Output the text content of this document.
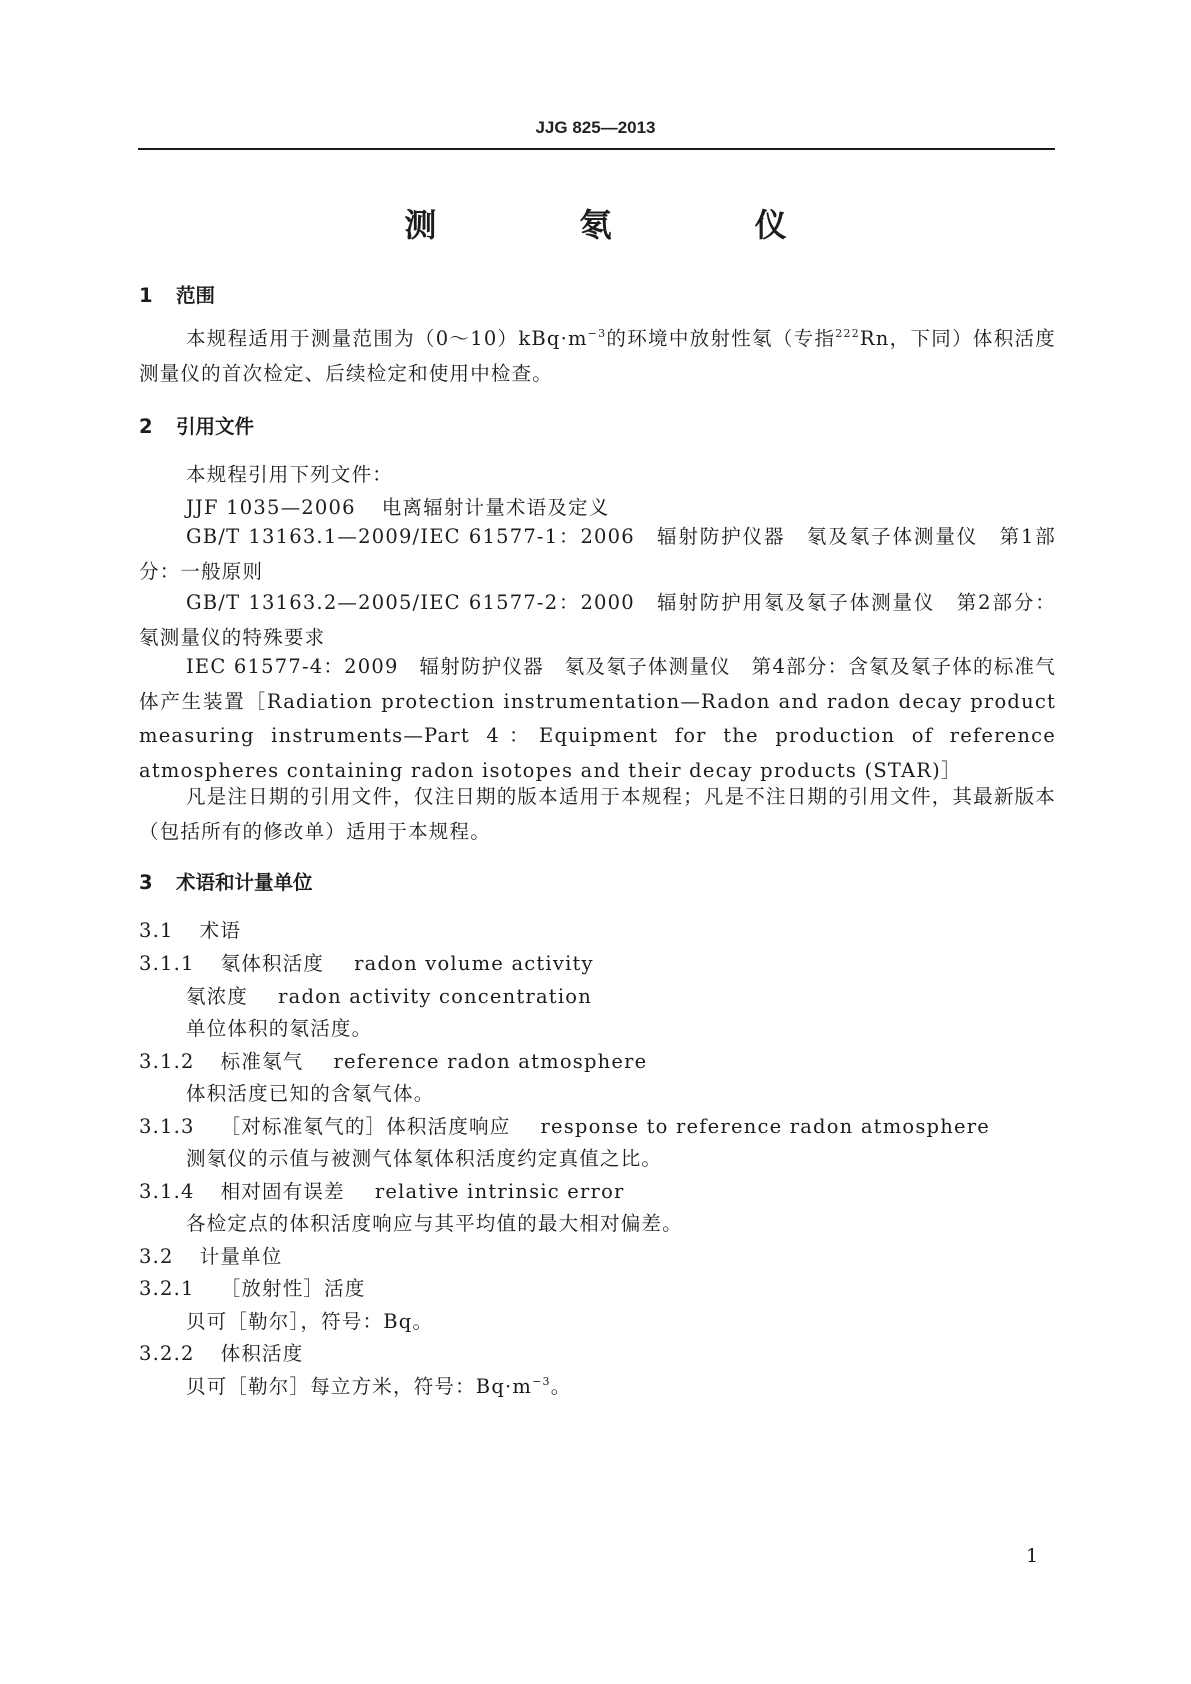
JJG 825—2013
测 氡 仪
1 范围
本规程适用于测量范围为$(0\sim 10)kBq\cdot m^{-3}$的环境中放射性氡（专指$^{222}$Rn，下同）体积活度测量仪的首次检定、后续检定和使用中检查。
2 引用文件
本规程引用下列文件：
JJF 1035—2006 电离辐射计量术语及定义
GB/T 13163.1—2009/IEC 61577-1：2006　辐射防护仪器　氡及氡子体测量仪　第1部分：一般原则
GB/T 13163.2—2005/IEC 61577-2：2000　辐射防护用氡及氡子体测量仪　第2部分：氡测量仪的特殊要求
IEC 61577-4：2009　辐射防护仪器　氡及氡子体测量仪　第4部分：含氡及氡子体的标准气体产生装置［Radiation protection instrumentation—Radon and radon decay product measuring instruments—Part 4：Equipment for the production of reference atmospheres containing radon isotopes and their decay products (STAR)］
凡是注日期的引用文件，仅注日期的版本适用于本规程；凡是不注日期的引用文件，其最新版本（包括所有的修改单）适用于本规程。
3 术语和计量单位
3.1 术语
3.1.1 氡体积活度 radon volume activity
氡浓度 radon activity concentration
单位体积的氡活度。
3.1.2 标准氡气 reference radon atmosphere
体积活度已知的含氡气体。
3.1.3 ［对标准氡气的］体积活度响应 response to reference radon atmosphere
测氡仪的示值与被测气体氡体积活度约定真值之比。
3.1.4 相对固有误差 relative intrinsic error
各检定点的体积活度响应与其平均值的最大相对偏差。
3.2 计量单位
3.2.1 ［放射性］活度
贝可［勒尔］，符号：Bq。
3.2.2 体积活度
贝可［勒尔］每立方米，符号：$Bq\cdot m^{-3}$。
1
